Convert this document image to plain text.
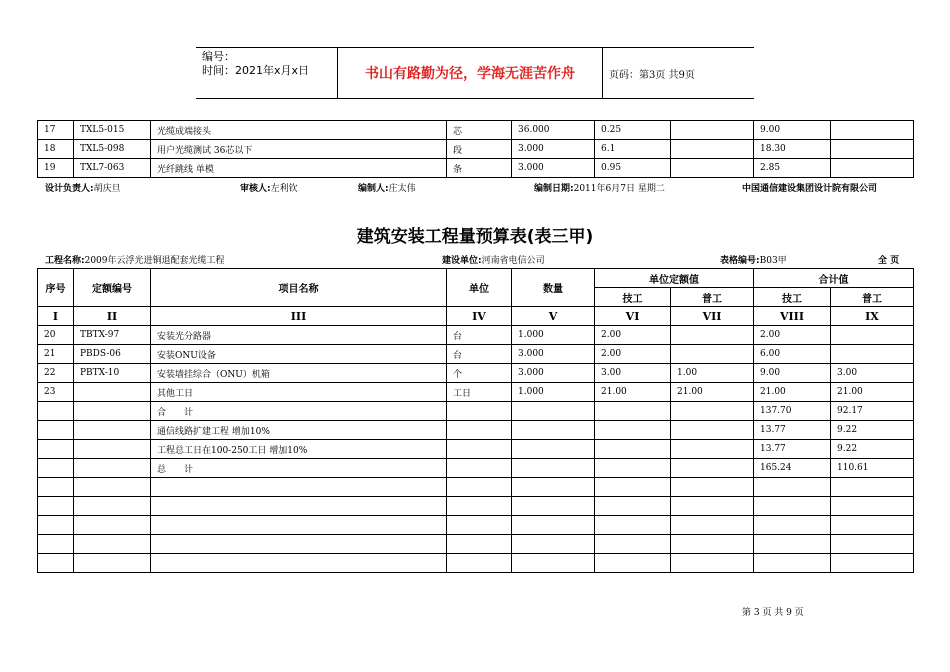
编号：
时间：2021年x月x日	书山有路勤为径，学海无涯苦作舟	页码：第3页 共9页
17	TXL5-015	光缆成端接头	芯	36.000	0.25		9.00	
18	TXL5-098	用户光缆测试 36芯以下	段	3.000	6.1		18.30	
19	TXL7-063	光纤跳线 单模	条	3.000	0.95		2.85	
设计负责人:胡庆旦	审核人:左利钦	编制人:庄太伟	编制日期:2011年6月7日 星期二	中国通信建设集团设计院有限公司
建筑安装工程量预算表(表三甲)
工程名称:2009年云浮光进铜退配套光缆工程	建设单位:河南省电信公司	表格编号:B03甲	全 页
序号	定额编号	项目名称	单位	数量	单位定额值		合计值	
					技工	普工	技工	普工
I	II	III	IV	V	VI	VII	VIII	IX
20	TBTX-97	安装光分路器	台	1.000	2.00		2.00	
21	PBDS-06	安装ONU设备	台	3.000	2.00		6.00	
22	PBTX-10	安装墙挂综合（ONU）机箱	个	3.000	3.00	1.00	9.00	3.00
23		其他工日	工日	1.000	21.00	21.00	21.00	21.00
		合　　计					137.70	92.17
		通信线路扩建工程 增加10%					13.77	9.22
		工程总工日在100-250工日 增加10%					13.77	9.22
		总　　计					165.24	110.61

第 3 页 共 9 页
